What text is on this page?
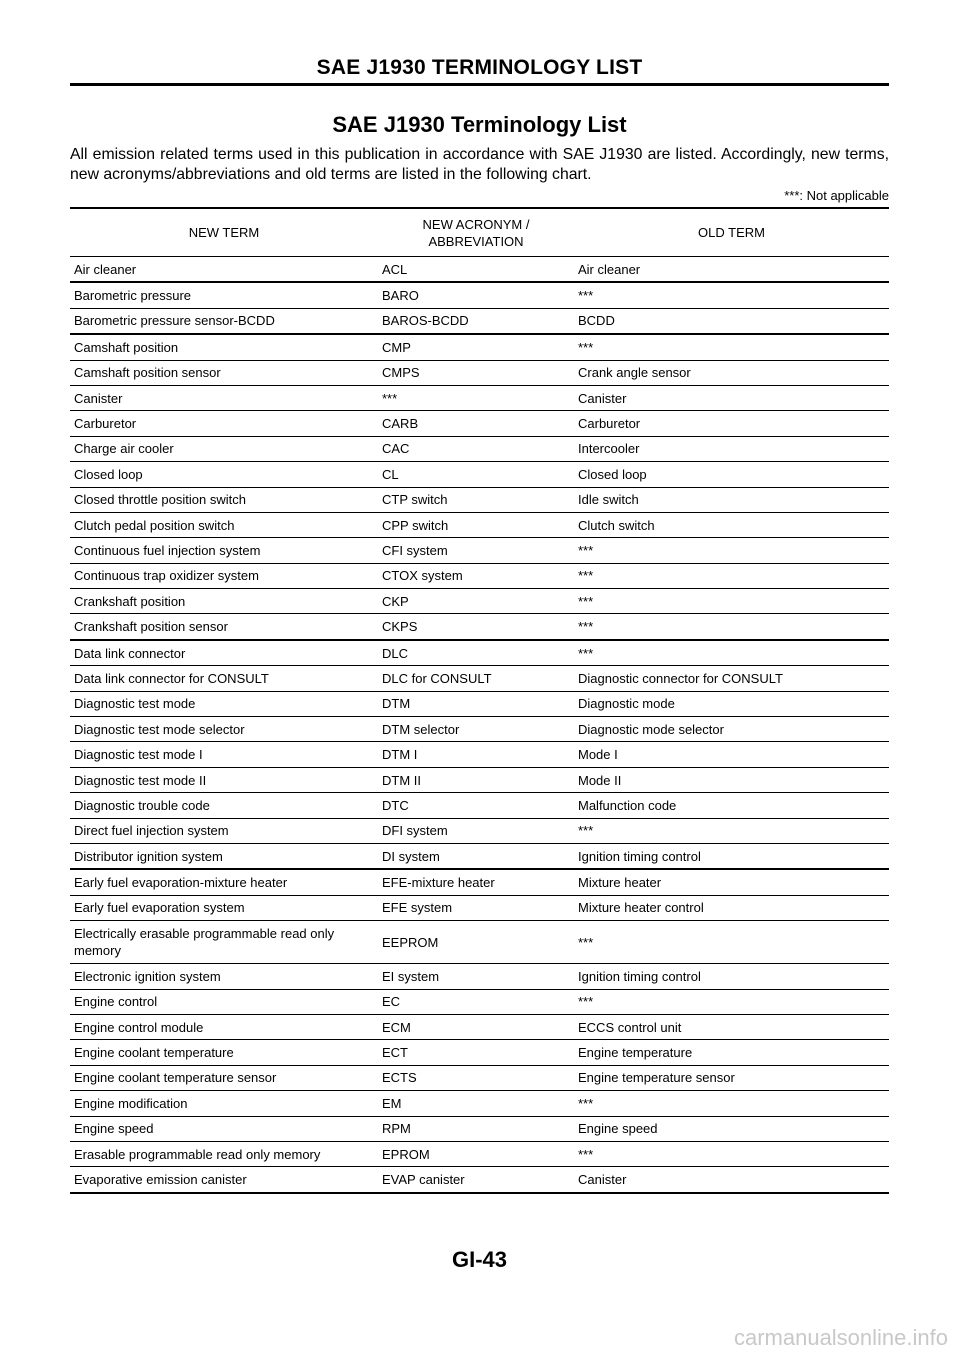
SAE J1930 TERMINOLOGY LIST
SAE J1930 Terminology List

All emission related terms used in this publication in accordance with SAE J1930 are listed. Accordingly, new terms, new acronyms/abbreviations and old terms are listed in the following chart.

***: Not applicable
NEW TERM	NEW ACRONYM / ABBREVIATION	OLD TERM
Air cleaner	ACL	Air cleaner
Barometric pressure	BARO	***
Barometric pressure sensor-BCDD	BAROS-BCDD	BCDD
Camshaft position	CMP	***
Camshaft position sensor	CMPS	Crank angle sensor
Canister	***	Canister
Carburetor	CARB	Carburetor
Charge air cooler	CAC	Intercooler
Closed loop	CL	Closed loop
Closed throttle position switch	CTP switch	Idle switch
Clutch pedal position switch	CPP switch	Clutch switch
Continuous fuel injection system	CFI system	***
Continuous trap oxidizer system	CTOX system	***
Crankshaft position	CKP	***
Crankshaft position sensor	CKPS	***
Data link connector	DLC	***
Data link connector for CONSULT	DLC for CONSULT	Diagnostic connector for CONSULT
Diagnostic test mode	DTM	Diagnostic mode
Diagnostic test mode selector	DTM selector	Diagnostic mode selector
Diagnostic test mode I	DTM I	Mode I
Diagnostic test mode II	DTM II	Mode II
Diagnostic trouble code	DTC	Malfunction code
Direct fuel injection system	DFI system	***
Distributor ignition system	DI system	Ignition timing control
Early fuel evaporation-mixture heater	EFE-mixture heater	Mixture heater
Early fuel evaporation system	EFE system	Mixture heater control
Electrically erasable programmable read only memory	EEPROM	***
Electronic ignition system	EI system	Ignition timing control
Engine control	EC	***
Engine control module	ECM	ECCS control unit
Engine coolant temperature	ECT	Engine temperature
Engine coolant temperature sensor	ECTS	Engine temperature sensor
Engine modification	EM	***
Engine speed	RPM	Engine speed
Erasable programmable read only memory	EPROM	***
Evaporative emission canister	EVAP canister	Canister
GI-43
carmanualsonline.info
